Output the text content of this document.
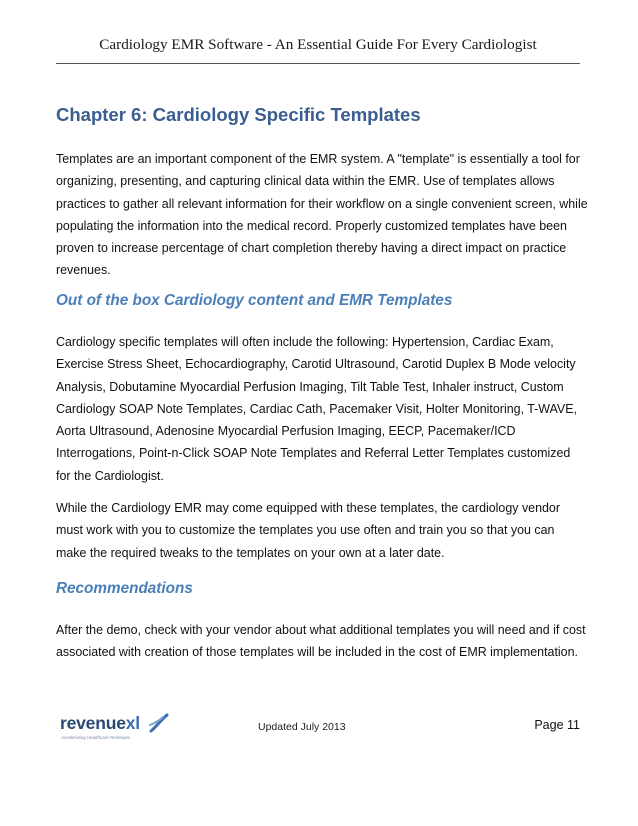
Cardiology EMR Software - An Essential Guide For Every Cardiologist
Chapter 6: Cardiology Specific Templates

Templates are an important component of the EMR system. A "template" is essentially a tool for organizing, presenting, and capturing clinical data within the EMR. Use of templates allows practices to gather all relevant information for their workflow on a single convenient screen, while populating the information into the medical record. Properly customized templates have been proven to increase percentage of chart completion thereby having a direct impact on practice revenues.

Out of the box Cardiology content and EMR Templates

Cardiology specific templates will often include the following: Hypertension, Cardiac Exam, Exercise Stress Sheet, Echocardiography, Carotid Ultrasound, Carotid Duplex B Mode velocity Analysis, Dobutamine Myocardial Perfusion Imaging, Tilt Table Test, Inhaler instruct, Custom Cardiology SOAP Note Templates, Cardiac Cath, Pacemaker Visit, Holter Monitoring, T-WAVE, Aorta Ultrasound, Adenosine Myocardial Perfusion Imaging, EECP, Pacemaker/ICD Interrogations, Point-n-Click SOAP Note Templates and Referral Letter Templates customized for the Cardiologist.

While the Cardiology EMR may come equipped with these templates, the cardiology vendor must work with you to customize the templates you use often and train you so that you can make the required tweaks to the templates on your own at a later date.

Recommendations

After the demo, check with your vendor about what additional templates you will need and if cost associated with creation of those templates will be included in the cost of EMR implementation.

revenuexl
Accelerating Healthcare Revenues
Updated July 2013	Page 11
